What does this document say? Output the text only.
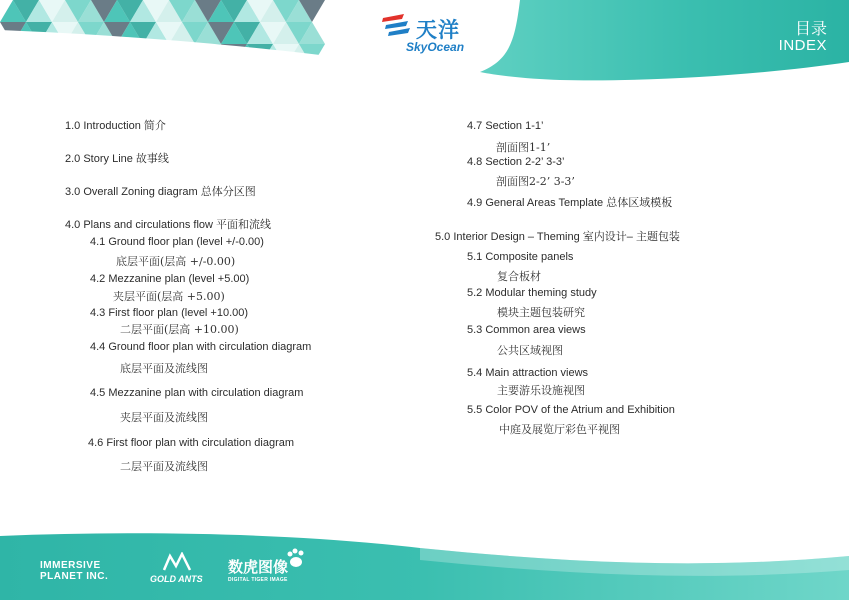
天洋
SkyOcean
目录
INDEX
1.0 Introduction 简介
2.0 Story Line 故事线
3.0 Overall Zoning diagram 总体分区图
4.0 Plans and circulations flow 平面和流线
4.1 Ground floor plan (level +/-0.00)
底层平面(层高 +/-0.00)
4.2 Mezzanine plan (level +5.00)
夹层平面(层高 +5.00)
4.3 First floor plan (level +10.00)
二层平面(层高 +10.00)
4.4 Ground floor plan with circulation diagram
底层平面及流线图
4.5 Mezzanine plan with circulation diagram
夹层平面及流线图
4.6 First floor plan with circulation diagram
二层平面及流线图
4.7 Section 1-1’
剖面图1-1’
4.8 Section 2-2’ 3-3’
剖面图2-2’ 3-3’
4.9 General Areas Template 总体区域模板
5.0 Interior Design – Theming 室内设计– 主题包装
5.1 Composite panels
复合板材
5.2 Modular theming study
模块主题包装研究
5.3 Common area views
公共区域视图
5.4 Main attraction views
主要游乐设施视图
5.5 Color POV of the Atrium and Exhibition
中庭及展览厅彩色平视图
IMMERSIVE
PLANET INC.	GOLD ANTS
数虎图像
DIGITAL TIGER IMAGE
